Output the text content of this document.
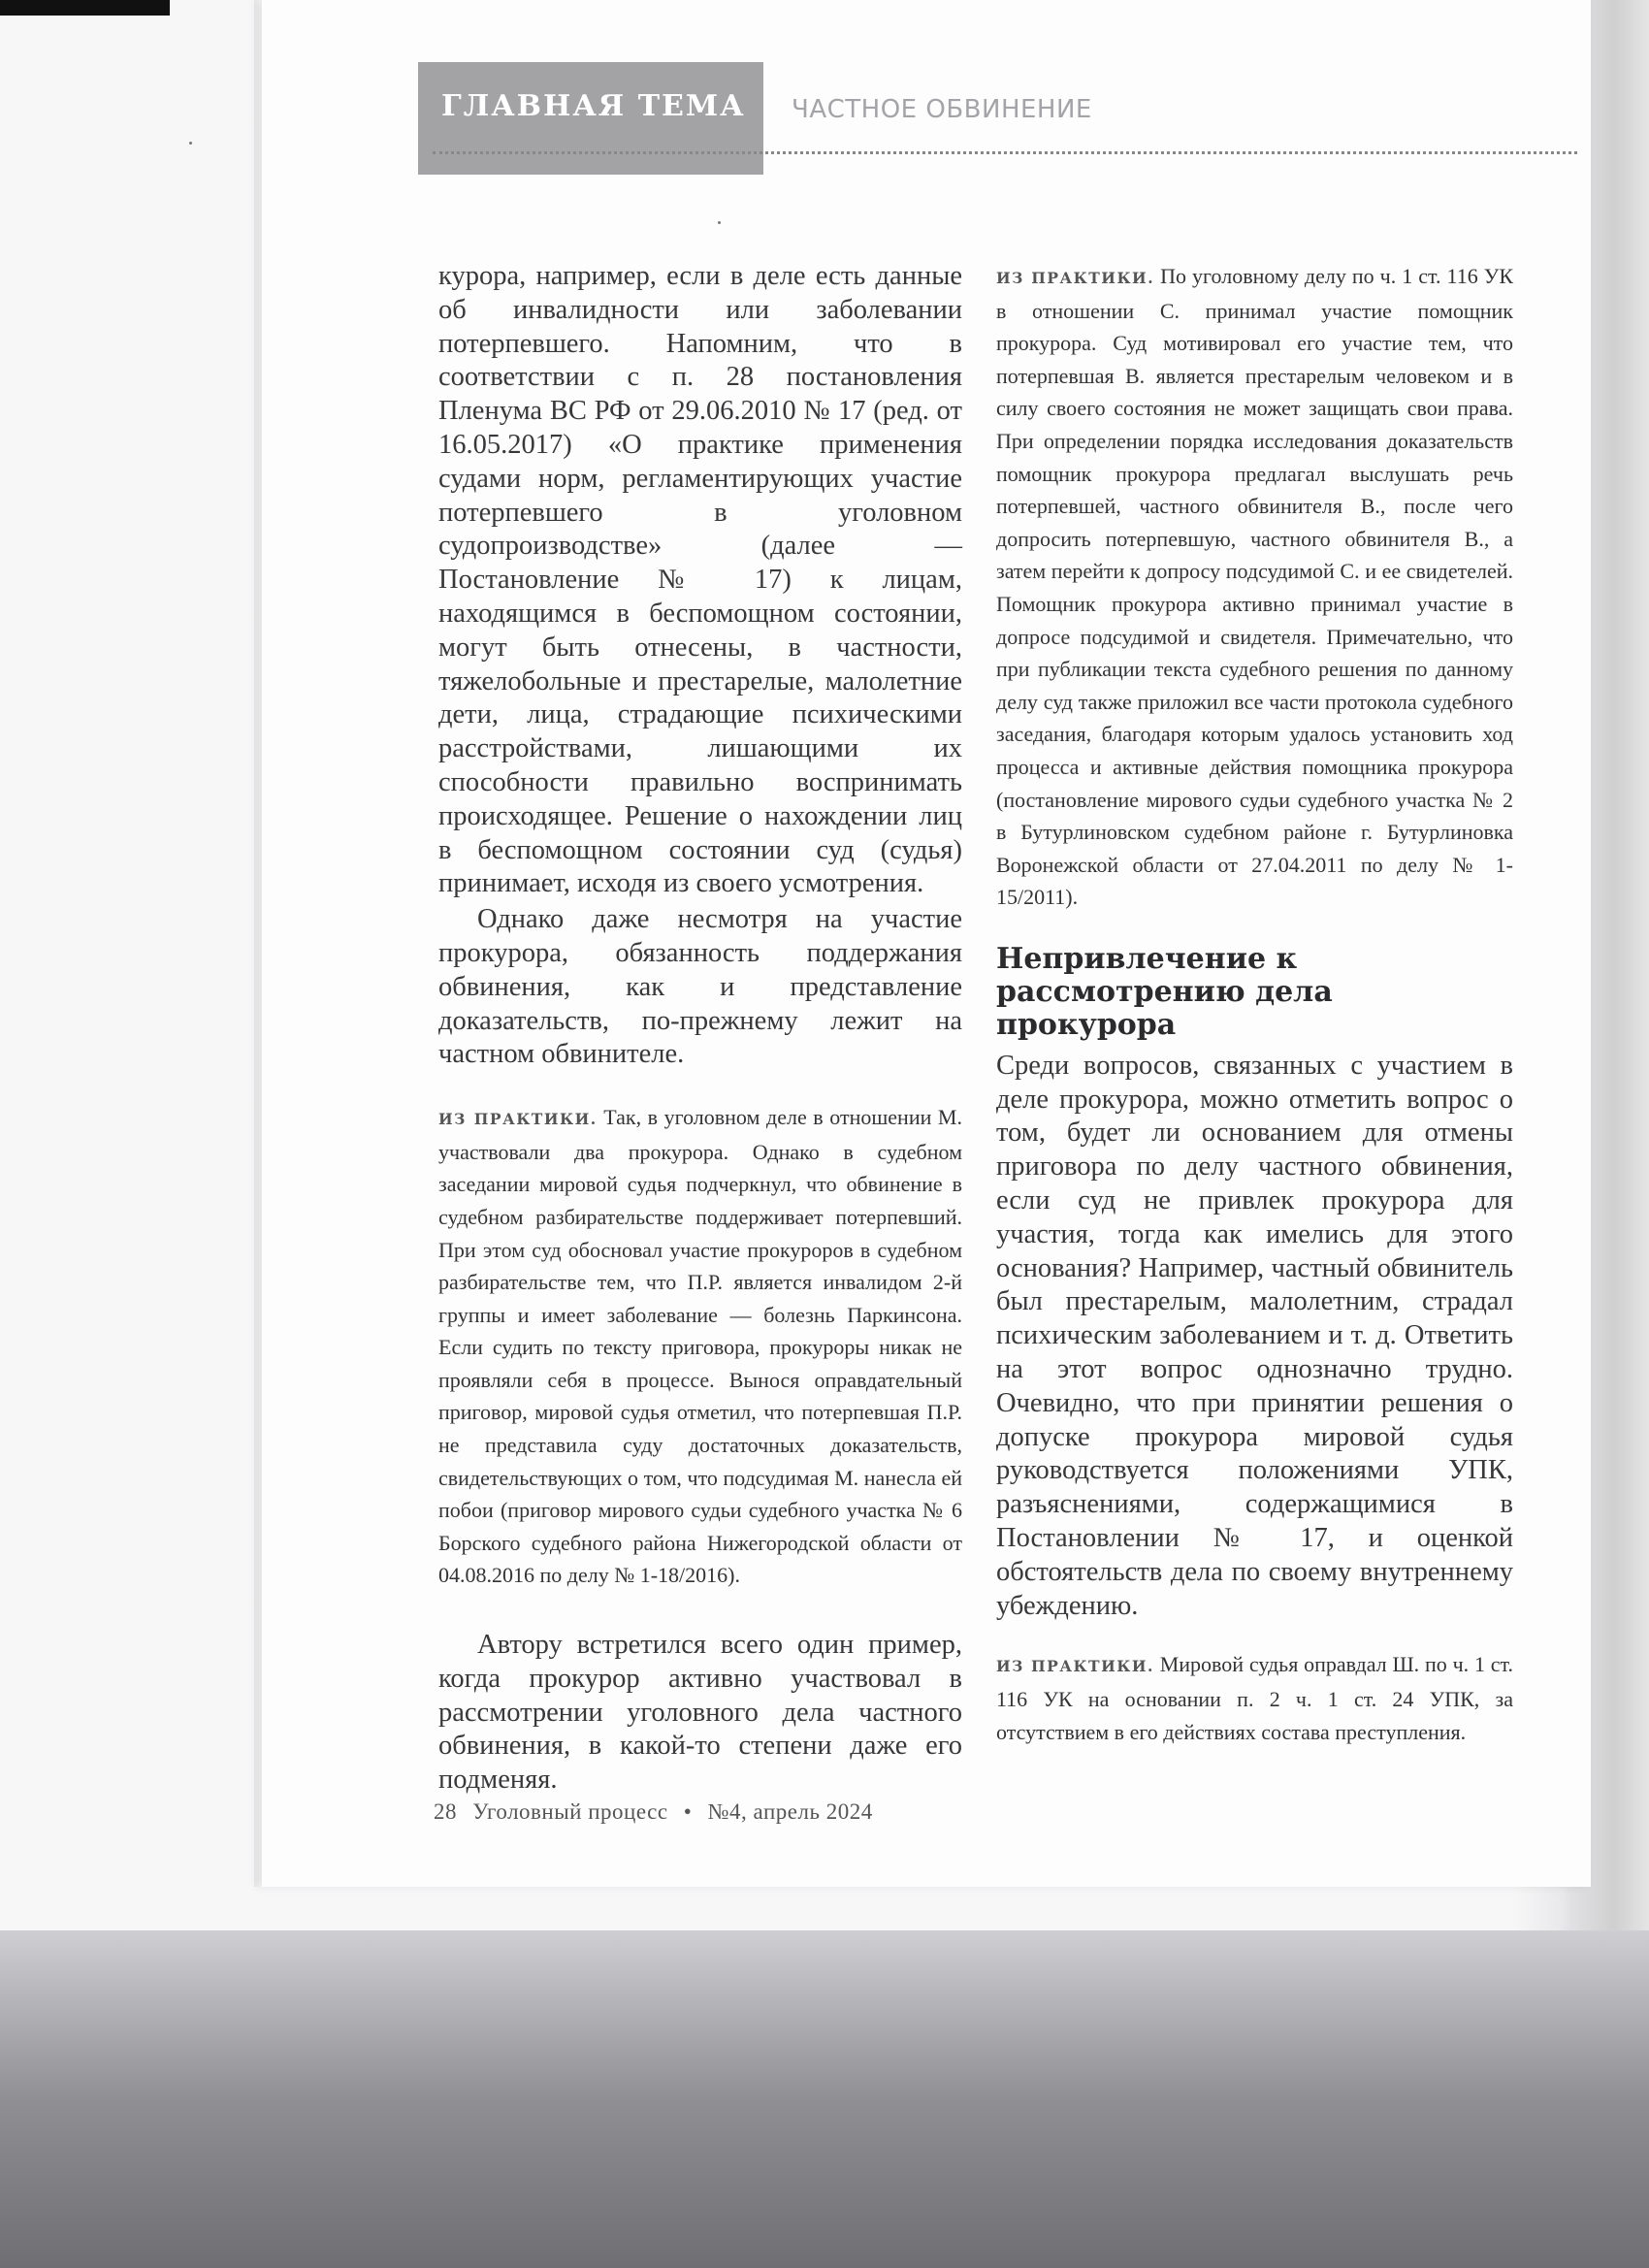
ГЛАВНАЯ ТЕМА ЧАСТНОЕ ОБВИНЕНИЕ

курора, например, если в деле есть данные об инвалидности или заболевании потерпевшего. Напомним, что в соответствии с п. 28 постановления Пленума ВС РФ от 29.06.2010 № 17 (ред. от 16.05.2017) «О практике применения судами норм, регламентирующих участие потерпевшего в уголовном судопроизводстве» (далее — Постановление № 17) к лицам, находящимся в беспомощном состоянии, могут быть отнесены, в частности, тяжелобольные и престарелые, малолетние дети, лица, страдающие психическими расстройствами, лишающими их способности правильно воспринимать происходящее. Решение о нахождении лиц в беспомощном состоянии суд (судья) принимает, исходя из своего усмотрения.

Однако даже несмотря на участие прокурора, обязанность поддержания обвинения, как и представление доказательств, по-прежнему лежит на частном обвинителе.

ИЗ ПРАКТИКИ. Так, в уголовном деле в отношении М. участвовали два прокурора. Однако в судебном заседании мировой судья подчеркнул, что обвинение в судебном разбирательстве поддерживает потерпевший. При этом суд обосновал участие прокуроров в судебном разбирательстве тем, что П.Р. является инвалидом 2-й группы и имеет заболевание — болезнь Паркинсона. Если судить по тексту приговора, прокуроры никак не проявляли себя в процессе. Вынося оправдательный приговор, мировой судья отметил, что потерпевшая П.Р. не представила суду достаточных доказательств, свидетельствующих о том, что подсудимая М. нанесла ей побои (приговор мирового судьи судебного участка № 6 Борского судебного района Нижегородской области от 04.08.2016 по делу № 1-18/2016).

Автору встретился всего один пример, когда прокурор активно участвовал в рассмотрении уголовного дела частного обвинения, в какой-то степени даже его подменяя.

ИЗ ПРАКТИКИ. По уголовному делу по ч. 1 ст. 116 УК в отношении С. принимал участие помощник прокурора. Суд мотивировал его участие тем, что потерпевшая В. является престарелым человеком и в силу своего состояния не может защищать свои права. При определении порядка исследования доказательств помощник прокурора предлагал выслушать речь потерпевшей, частного обвинителя В., после чего допросить потерпевшую, частного обвинителя В., а затем перейти к допросу подсудимой С. и ее свидетелей. Помощник прокурора активно принимал участие в допросе подсудимой и свидетеля. Примечательно, что при публикации текста судебного решения по данному делу суд также приложил все части протокола судебного заседания, благодаря которым удалось установить ход процесса и активные действия помощника прокурора (постановление мирового судьи судебного участка № 2 в Бутурлиновском судебном районе г. Бутурлиновка Воронежской области от 27.04.2011 по делу № 1-15/2011).

Непривлечение к рассмотрению дела прокурора

Среди вопросов, связанных с участием в деле прокурора, можно отметить вопрос о том, будет ли основанием для отмены приговора по делу частного обвинения, если суд не привлек прокурора для участия, тогда как имелись для этого основания? Например, частный обвинитель был престарелым, малолетним, страдал психическим заболеванием и т. д. Ответить на этот вопрос однозначно трудно. Очевидно, что при принятии решения о допуске прокурора мировой судья руководствуется положениями УПК, разъяснениями, содержащимися в Постановлении № 17, и оценкой обстоятельств дела по своему внутреннему убеждению.

ИЗ ПРАКТИКИ. Мировой судья оправдал Ш. по ч. 1 ст. 116 УК на основании п. 2 ч. 1 ст. 24 УПК, за отсутствием в его действиях состава преступления.

28 Уголовный процесс • №4, апрель 2024
